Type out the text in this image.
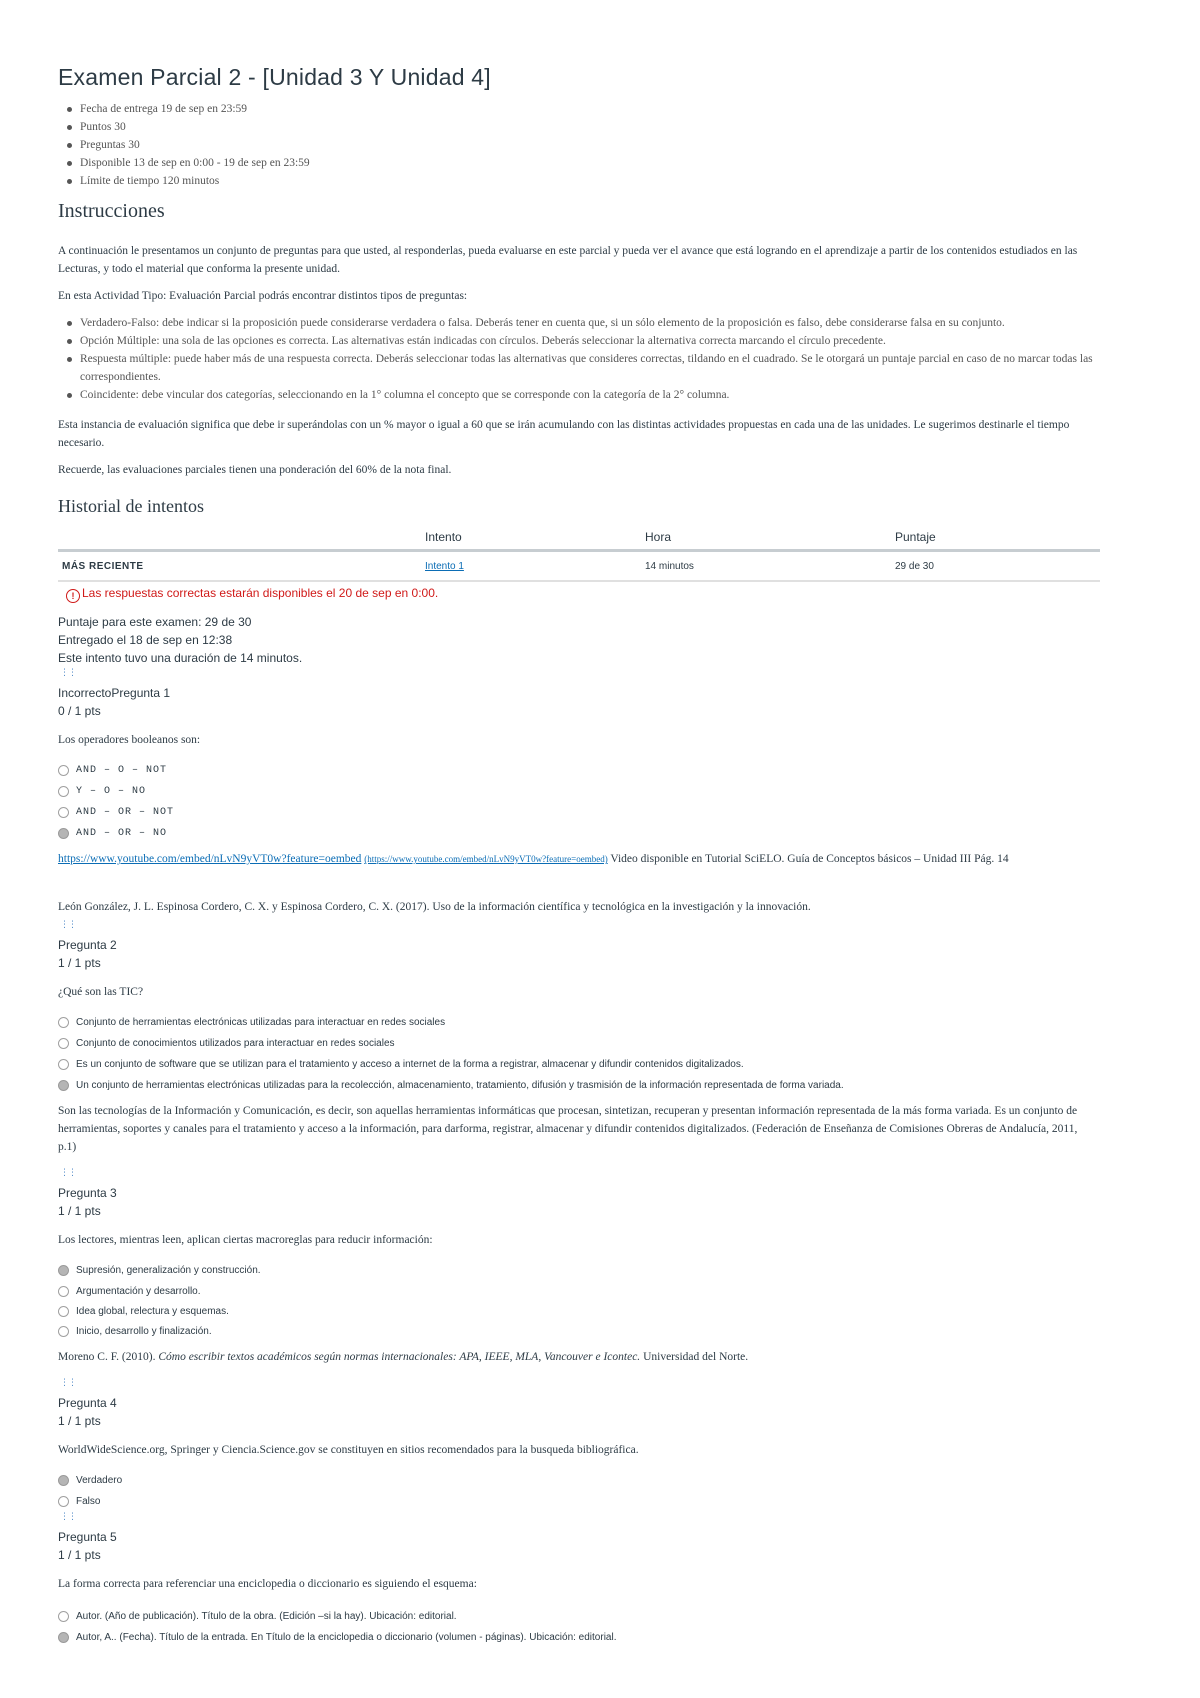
Examen Parcial 2 - [Unidad 3 Y Unidad 4]
Fecha de entrega 19 de sep en 23:59
Puntos 30
Preguntas 30
Disponible 13 de sep en 0:00 - 19 de sep en 23:59
Límite de tiempo 120 minutos
Instrucciones
A continuación le presentamos un conjunto de preguntas para que usted, al responderlas, pueda evaluarse en este parcial y pueda ver el avance que está logrando en el aprendizaje a partir de los contenidos estudiados en las Lecturas, y todo el material que conforma la presente unidad.
En esta Actividad Tipo: Evaluación Parcial podrás encontrar distintos tipos de preguntas:
Verdadero-Falso: debe indicar si la proposición puede considerarse verdadera o falsa. Deberás tener en cuenta que, si un sólo elemento de la proposición es falso, debe considerarse falsa en su conjunto.
Opción Múltiple: una sola de las opciones es correcta. Las alternativas están indicadas con círculos. Deberás seleccionar la alternativa correcta marcando el círculo precedente.
Respuesta múltiple: puede haber más de una respuesta correcta. Deberás seleccionar todas las alternativas que consideres correctas, tildando en el cuadrado. Se le otorgará un puntaje parcial en caso de no marcar todas las correspondientes.
Coincidente: debe vincular dos categorías, seleccionando en la 1° columna el concepto que se corresponde con la categoría de la 2° columna.
Esta instancia de evaluación significa que debe ir superándolas con un % mayor o igual a 60 que se irán acumulando con las distintas actividades propuestas en cada una de las unidades. Le sugerimos destinarle el tiempo necesario.
Recuerde, las evaluaciones parciales tienen una ponderación del 60% de la nota final.
Historial de intentos
	Intento	Hora	Puntaje
MÁS RECIENTE	Intento 1	14 minutos	29 de 30
! Las respuestas correctas estarán disponibles el 20 de sep en 0:00.
Puntaje para este examen: 29 de 30
Entregado el 18 de sep en 12:38
Este intento tuvo una duración de 14 minutos.
⋮⋮
IncorrectoPregunta 1
0 / 1 pts
Los operadores booleanos son:
AND – O – NOT
Y – O – NO
AND – OR – NOT
AND – OR – NO
https://www.youtube.com/embed/nLvN9yVT0w?feature=oembed (https://www.youtube.com/embed/nLvN9yVT0w?feature=oembed) Video disponible en Tutorial SciELO. Guía de Conceptos básicos – Unidad III Pág. 14
León González, J. L. Espinosa Cordero, C. X. y Espinosa Cordero, C. X. (2017). Uso de la información científica y tecnológica en la investigación y la innovación.
⋮⋮
Pregunta 2
1 / 1 pts
¿Qué son las TIC?
Conjunto de herramientas electrónicas utilizadas para interactuar en redes sociales
Conjunto de conocimientos utilizados para interactuar en redes sociales
Es un conjunto de software que se utilizan para el tratamiento y acceso a internet de la forma a registrar, almacenar y difundir contenidos digitalizados.
Un conjunto de herramientas electrónicas utilizadas para la recolección, almacenamiento, tratamiento, difusión y trasmisión de la información representada de forma variada.
Son las tecnologías de la Información y Comunicación, es decir, son aquellas herramientas informáticas que procesan, sintetizan, recuperan y presentan información representada de la más forma variada. Es un conjunto de herramientas, soportes y canales para el tratamiento y acceso a la información, para darforma, registrar, almacenar y difundir contenidos digitalizados. (Federación de Enseñanza de Comisiones Obreras de Andalucía, 2011, p.1)
⋮⋮
Pregunta 3
1 / 1 pts
Los lectores, mientras leen, aplican ciertas macroreglas para reducir información:
Supresión, generalización y construcción.
Argumentación y desarrollo.
Idea global, relectura y esquemas.
Inicio, desarrollo y finalización.
Moreno C. F. (2010). Cómo escribir textos académicos según normas internacionales: APA, IEEE, MLA, Vancouver e Icontec. Universidad del Norte.
⋮⋮
Pregunta 4
1 / 1 pts
WorldWideScience.org, Springer y Ciencia.Science.gov se constituyen en sitios recomendados para la busqueda bibliográfica.
Verdadero
Falso
⋮⋮
Pregunta 5
1 / 1 pts
La forma correcta para referenciar una enciclopedia o diccionario es siguiendo el esquema:
Autor. (Año de publicación). Título de la obra. (Edición –si la hay). Ubicación: editorial.
Autor, A.. (Fecha). Título de la entrada. En Título de la enciclopedia o diccionario (volumen - páginas). Ubicación: editorial.
